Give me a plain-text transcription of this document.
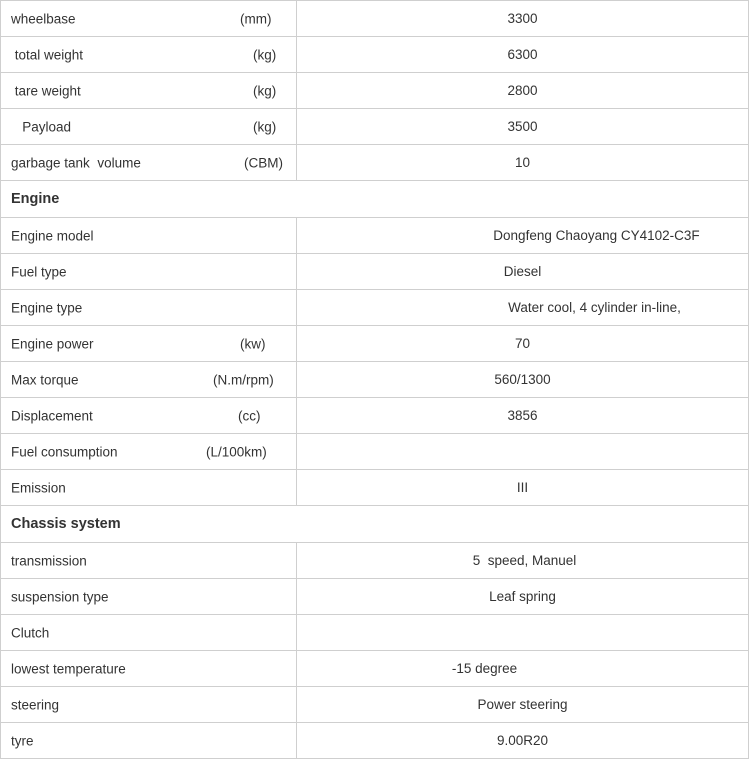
wheelbase (mm)	3300

total weight (kg)	6300

tare weight (kg)	2800

Payload (kg)	3500

garbage tank  volume (CBM)	10
Engine	

Engine model	Dongfeng Chaoyang CY4102-C3F

Fuel type	Diesel

Engine type	Water cool, 4 cylinder in-line,

Engine power (kw)	70

Max torque (N.m/rpm)	560/1300

Displacement (cc)	3856

Fuel consumption (L/100km)	

Emission	III
Chassis system	

transmission	5  speed, Manuel

suspension type	Leaf spring

Clutch	

lowest temperature	-15 degree

steering	Power steering

tyre	9.00R20
